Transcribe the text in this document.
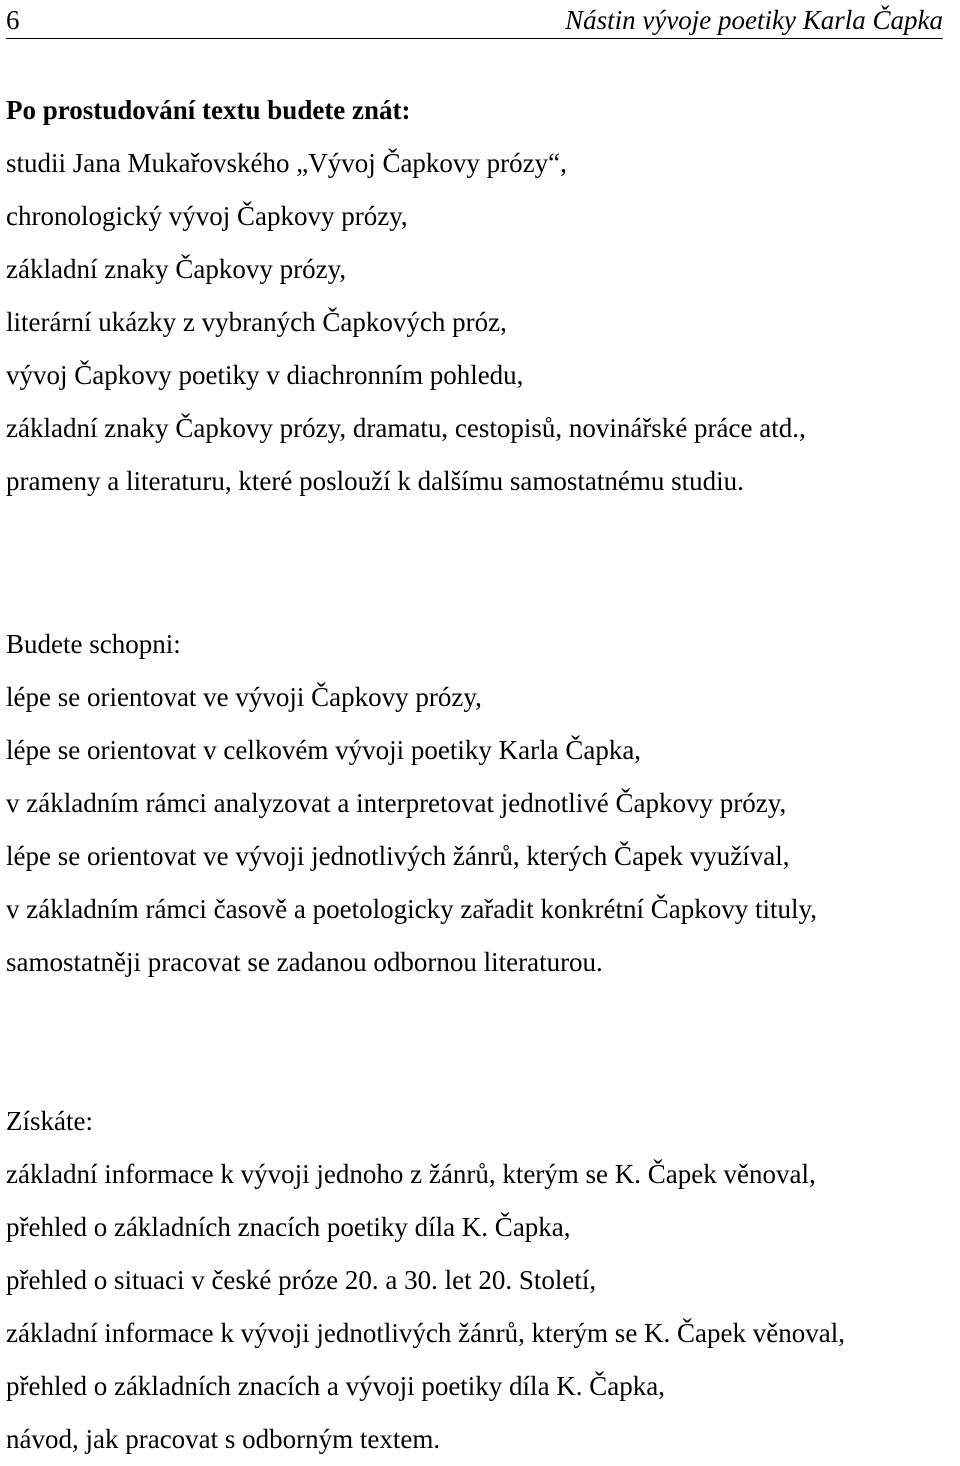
6	Nástin vývoje poetiky Karla Čapka
Po prostudování textu budete znát:
studii Jana Mukařovského „Vývoj Čapkovy prózy“,
chronologický vývoj Čapkovy prózy,
základní znaky Čapkovy prózy,
literární ukázky z vybraných Čapkových próz,
vývoj Čapkovy poetiky v diachronním pohledu,
základní znaky Čapkovy prózy, dramatu, cestopisů, novinářské práce atd.,
prameny a literaturu, které poslouží k dalšímu samostatnému studiu.
Budete schopni:
lépe se orientovat ve vývoji Čapkovy prózy,
lépe se orientovat v celkovém vývoji poetiky Karla Čapka,
v základním rámci analyzovat a interpretovat jednotlivé Čapkovy prózy,
lépe se orientovat ve vývoji jednotlivých žánrů, kterých Čapek využíval,
v základním rámci časově a poetologicky zařadit konkrétní Čapkovy tituly,
samostatněji pracovat se zadanou odbornou literaturou.
Získáte:
základní informace k vývoji jednoho z žánrů, kterým se K. Čapek věnoval,
přehled o základních znacích poetiky díla K. Čapka,
přehled o situaci v české próze 20. a 30. let 20. Století,
základní informace k vývoji jednotlivých žánrů, kterým se K. Čapek věnoval,
přehled o základních znacích a vývoji poetiky díla K. Čapka,
návod, jak pracovat s odborným textem.
